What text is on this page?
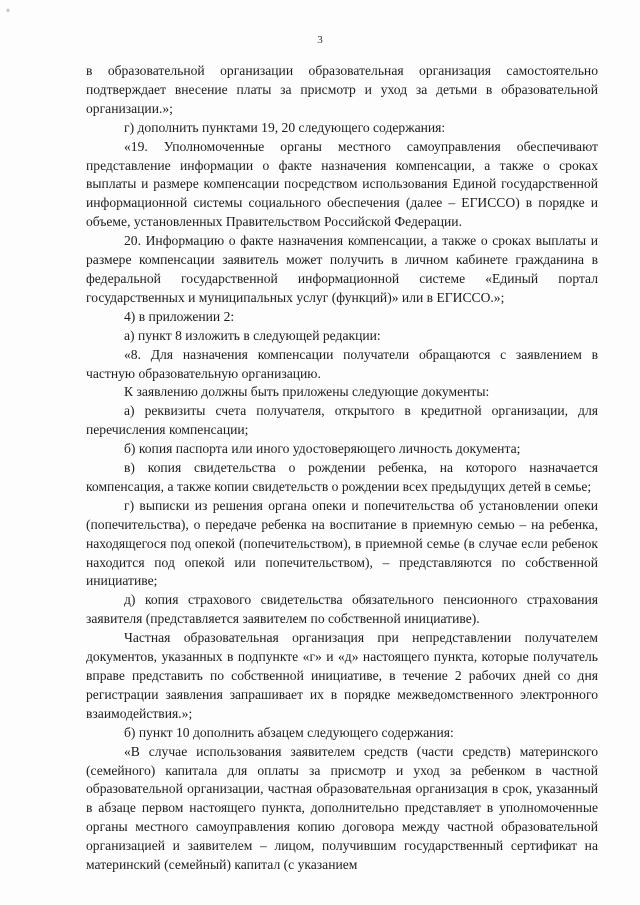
*
3

в образовательной организации образовательная организация самостоятельно подтверждает внесение платы за присмотр и уход за детьми в образовательной организации.»;

г) дополнить пунктами 19, 20 следующего содержания:

«19. Уполномоченные органы местного самоуправления обеспечивают представление информации о факте назначения компенсации, а также о сроках выплаты и размере компенсации посредством использования Единой государственной информационной системы социального обеспечения (далее – ЕГИССО) в порядке и объеме, установленных Правительством Российской Федерации.

20. Информацию о факте назначения компенсации, а также о сроках выплаты и размере компенсации заявитель может получить в личном кабинете гражданина в федеральной государственной информационной системе «Единый портал государственных и муниципальных услуг (функций)» или в ЕГИССО.»;

4) в приложении 2:

а) пункт 8 изложить в следующей редакции:

«8. Для назначения компенсации получатели обращаются с заявлением в частную образовательную организацию.

К заявлению должны быть приложены следующие документы:

а) реквизиты счета получателя, открытого в кредитной организации, для перечисления компенсации;

б) копия паспорта или иного удостоверяющего личность документа;

в) копия свидетельства о рождении ребенка, на которого назначается компенсация, а также копии свидетельств о рождении всех предыдущих детей в семье;

г) выписки из решения органа опеки и попечительства об установлении опеки (попечительства), о передаче ребенка на воспитание в приемную семью – на ребенка, находящегося под опекой (попечительством), в приемной семье (в случае если ребенок находится под опекой или попечительством), – представляются по собственной инициативе;

д) копия страхового свидетельства обязательного пенсионного страхования заявителя (представляется заявителем по собственной инициативе).

Частная образовательная организация при непредставлении получателем документов, указанных в подпункте «г» и «д» настоящего пункта, которые получатель вправе представить по собственной инициативе, в течение 2 рабочих дней со дня регистрации заявления запрашивает их в порядке межведомственного электронного взаимодействия.»;

б) пункт 10 дополнить абзацем следующего содержания:

«В случае использования заявителем средств (части средств) материнского (семейного) капитала для оплаты за присмотр и уход за ребенком в частной образовательной организации, частная образовательная организация в срок, указанный в абзаце первом настоящего пункта, дополнительно представляет в уполномоченные органы местного самоуправления копию договора между частной образовательной организацией и заявителем – лицом, получившим государственный сертификат на материнский (семейный) капитал (с указанием
